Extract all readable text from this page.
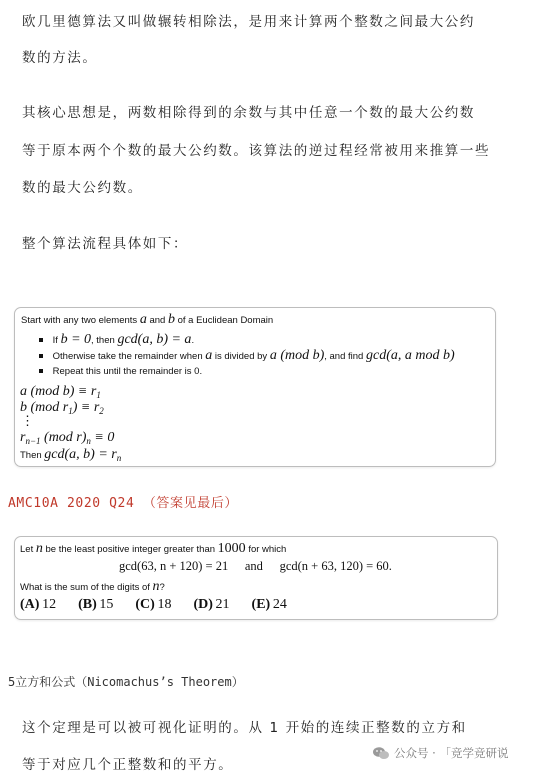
欧几里德算法又叫做辗转相除法，是用来计算两个整数之间最大公约
数的方法。
其核心思想是，两数相除得到的余数与其中任意一个数的最大公约数
等于原本两个个数的最大公约数。该算法的逆过程经常被用来推算一些
数的最大公约数。
整个算法流程具体如下：
Start with any two elements a and b of a Euclidean Domain
If b = 0, then gcd(a, b) = a.
Otherwise take the remainder when a is divided by a (mod b), and find gcd(a, a mod b)
Repeat this until the remainder is 0.
a (mod b) ≡ r1
b (mod r1) ≡ r2
⋮
rn−1 (mod r)n ≡ 0
Then gcd(a, b) = rn
AMC10A 2020 Q24 （答案见最后）
Let n be the least positive integer greater than 1000 for which
gcd(63, n + 120) = 21 and gcd(n + 63, 120) = 60.
What is the sum of the digits of n?
(A) 12 (B) 15 (C) 18 (D) 21 (E) 24
5立方和公式（Nicomachus’s Theorem）
这个定理是可以被可视化证明的。从 1 开始的连续正整数的立方和
等于对应几个正整数和的平方。
公众号 · 「竞学竞研说
